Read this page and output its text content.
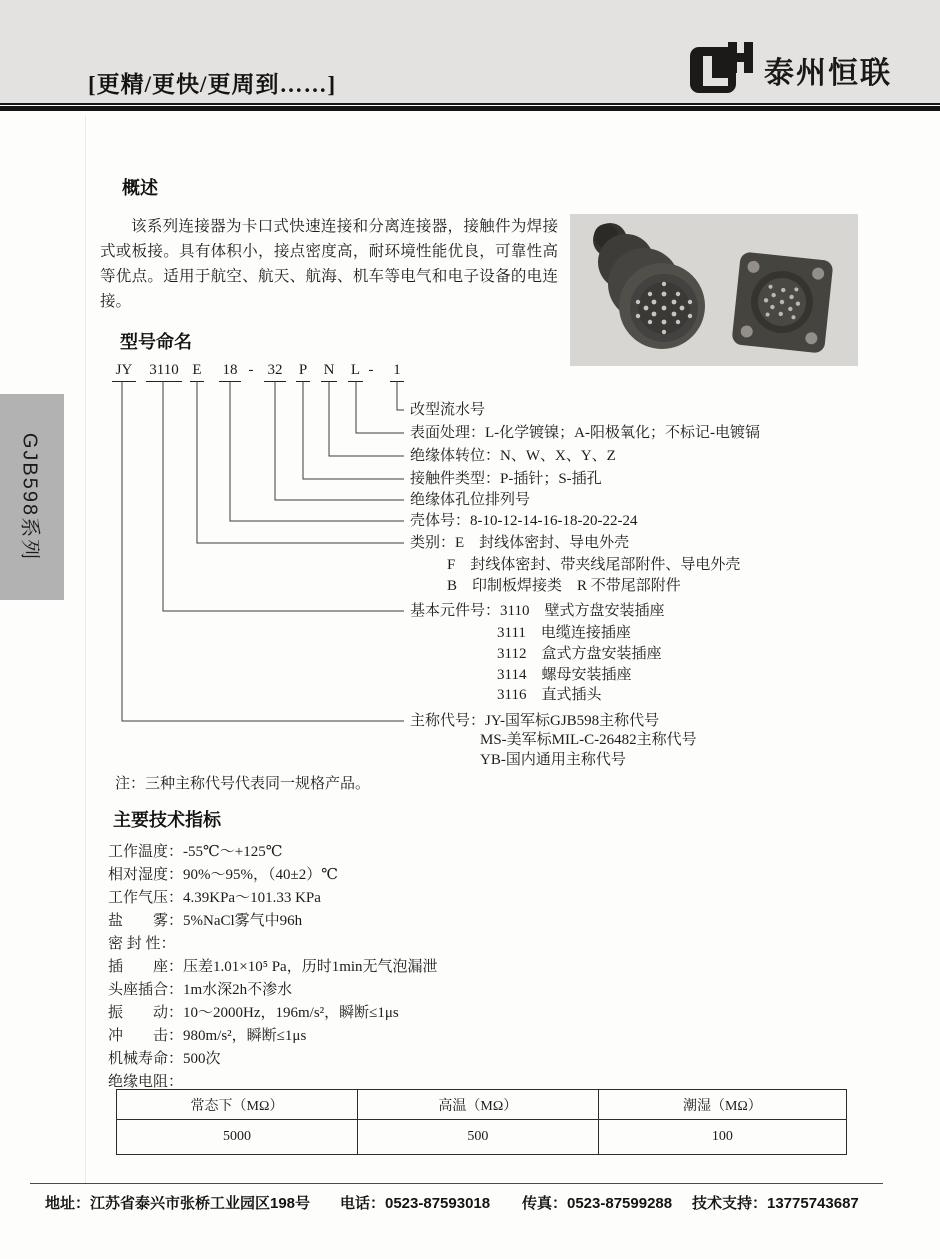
[更精/更快/更周到……]	泰州恒联
GJB598系列
概述
该系列连接器为卡口式快速连接和分离连接器，接触件为焊接式或板接。具有体积小，接点密度高，耐环境性能优良，可靠性高等优点。适用于航空、航天、航海、机车等电气和电子设备的电连接。
型号命名
JY 3110 E 18 - 32 P N L - 1
改型流水号
表面处理：L-化学镀镍；A-阳极氧化；不标记-电镀镉
绝缘体转位：N、W、X、Y、Z
接触件类型：P-插针；S-插孔
绝缘体孔位排列号
壳体号：8-10-12-14-16-18-20-22-24
类别：E　封线体密封、导电外壳
F　封线体密封、带夹线尾部附件、导电外壳
B　印制板焊接类　R 不带尾部附件
基本元件号：3110　壁式方盘安装插座
3111　电缆连接插座
3112　盒式方盘安装插座
3114　螺母安装插座
3116　直式插头
主称代号：JY-国军标GJB598主称代号
MS-美军标MIL-C-26482主称代号
YB-国内通用主称代号
注：三种主称代号代表同一规格产品。
主要技术指标
工作温度：-55℃～+125℃
相对湿度：90%～95%，（40±2）℃
工作气压：4.39KPa～101.33 KPa
盐　　雾：5%NaCl雾气中96h
密 封 性：
插　　座：压差1.01×10⁵ Pa，历时1min无气泡漏泄
头座插合：1m水深2h不渗水
振　　动：10～2000Hz，196m/s²，瞬断≤1μs
冲　　击：980m/s²，瞬断≤1μs
机械寿命：500次
绝缘电阻：
常态下（MΩ）	高温（MΩ）	潮湿（MΩ）
5000	500	100
地址：江苏省泰兴市张桥工业园区198号 电话：0523-87593018 传真：0523-87599288 技术支持：13775743687
